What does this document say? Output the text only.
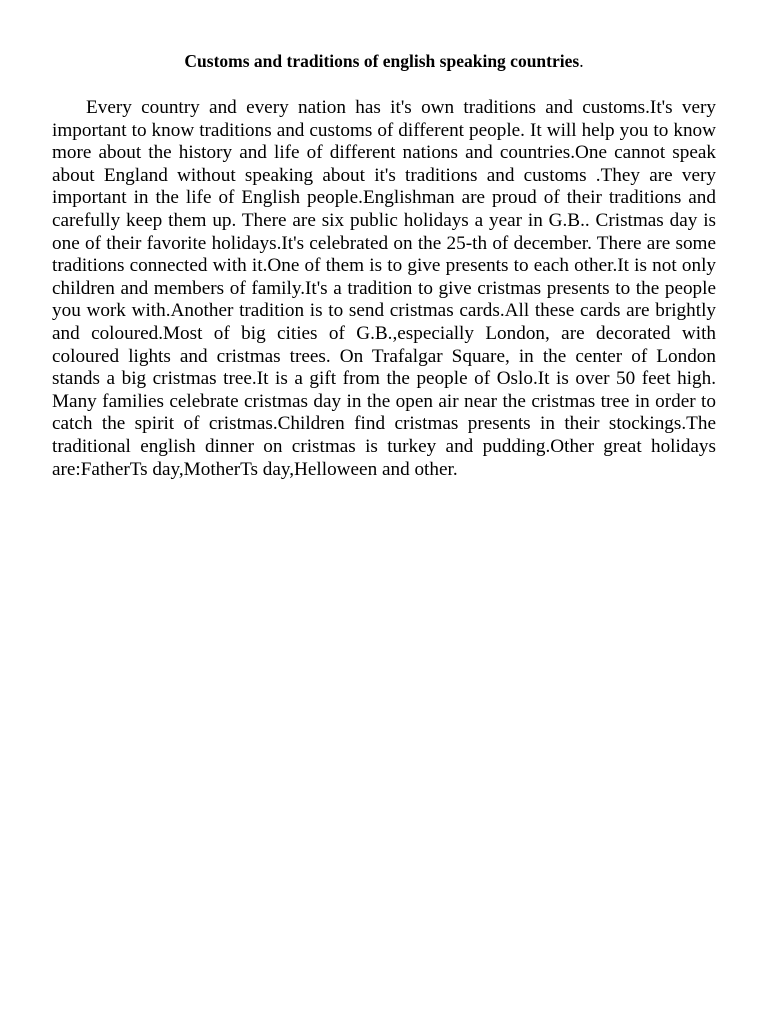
Customs and traditions of english speaking countries.

Every country and every nation has it's own traditions and customs.It's very important to know traditions and customs of different people. It will help you to know more about the history and life of different nations and countries.One cannot speak about England without speaking about it's traditions and customs .They are very important in the life of English people.Englishman are proud of their traditions and carefully keep them up. There are six public holidays a year in G.B.. Cristmas day is one of their favorite holidays.It's celebrated on the 25-th of december. There are some traditions connected with it.One of them is to give presents to each other.It is not only children and members of family.It's a tradition to give cristmas presents to the people you work with.Another tradition is to send cristmas cards.All these cards are brightly and coloured.Most of big cities of G.B.,especially London, are decorated with coloured lights and cristmas trees. On Trafalgar Square, in the center of London stands a big cristmas tree.It is a gift from the people of Oslo.It is over 50 feet high. Many families celebrate cristmas day in the open air near the cristmas tree in order to catch the spirit of cristmas.Children find cristmas presents in their stockings.The traditional english dinner on cristmas is turkey and pudding.Other great holidays are:FatherTs day,MotherTs day,Helloween and other.
